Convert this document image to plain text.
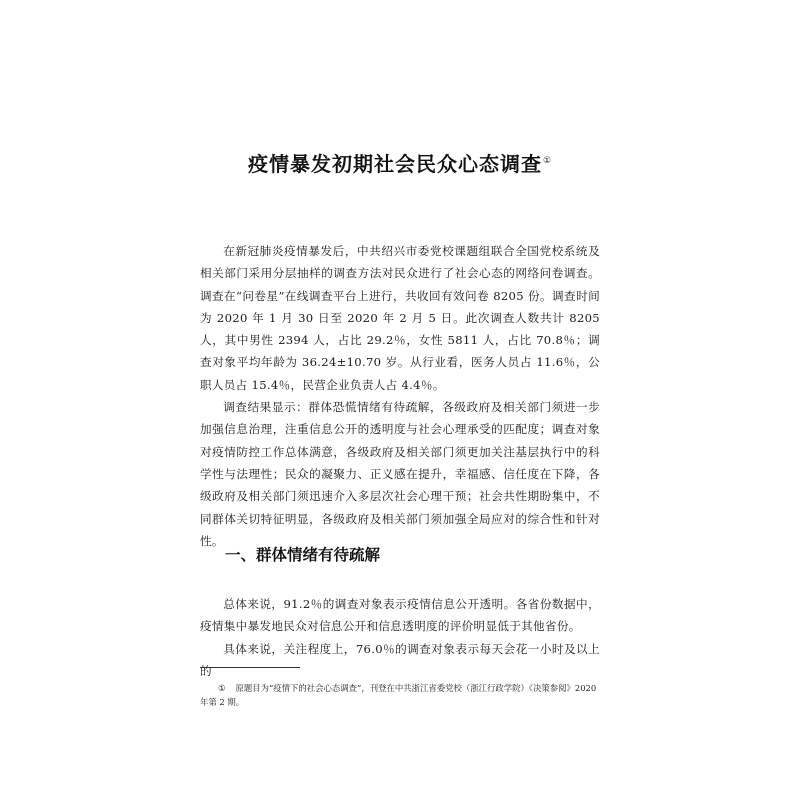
疫情暴发初期社会民众心态调查①

在新冠肺炎疫情暴发后，中共绍兴市委党校课题组联合全国党校系统及相关部门采用分层抽样的调查方法对民众进行了社会心态的网络问卷调查。调查在“问卷星”在线调查平台上进行，共收回有效问卷 8205 份。调查时间为 2020 年 1 月 30 日至 2020 年 2 月 5 日。此次调查人数共计 8205 人，其中男性 2394 人，占比 29.2％，女性 5811 人，占比 70.8％；调查对象平均年龄为 36.24±10.70 岁。从行业看，医务人员占 11.6％，公职人员占 15.4％，民营企业负责人占 4.4％。

调查结果显示：群体恐慌情绪有待疏解，各级政府及相关部门须进一步加强信息治理，注重信息公开的透明度与社会心理承受的匹配度；调查对象对疫情防控工作总体满意，各级政府及相关部门须更加关注基层执行中的科学性与法理性；民众的凝聚力、正义感在提升，幸福感、信任度在下降，各级政府及相关部门须迅速介入多层次社会心理干预；社会共性期盼集中，不同群体关切特征明显，各级政府及相关部门须加强全局应对的综合性和针对性。

一、群体情绪有待疏解

总体来说，91.2％的调查对象表示疫情信息公开透明。各省份数据中，疫情集中暴发地民众对信息公开和信息透明度的评价明显低于其他省份。

具体来说，关注程度上，76.0％的调查对象表示每天会花一小时及以上的

① 原题目为“疫情下的社会心态调查”，刊登在中共浙江省委党校（浙江行政学院）《决策参阅》2020 年第 2 期。
